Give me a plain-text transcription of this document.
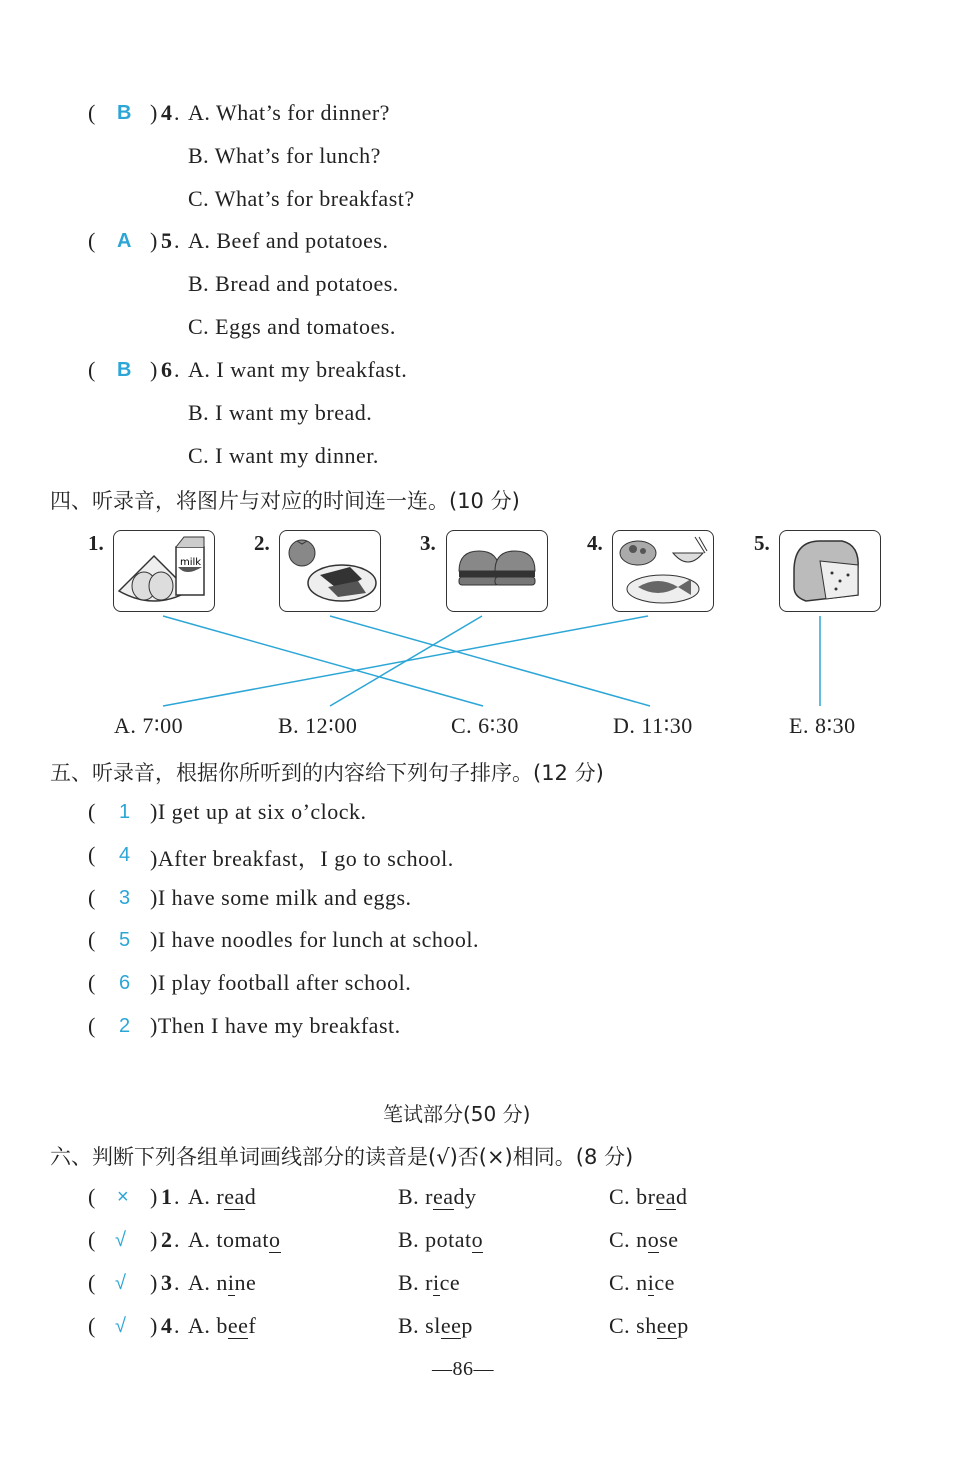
( B ) 4 . A. What’s for dinner?
B. What’s for lunch?
C. What’s for breakfast?
( A ) 5 . A. Beef and potatoes.
B. Bread and potatoes.
C. Eggs and tomatoes.
( B ) 6 . A. I want my breakfast.
B. I want my bread.
C. I want my dinner.
四、听录音，将图片与对应的时间连一连。(10 分)
1.
milk
2.	3.	4.	5.
A. 7∶00	B. 12∶00	C. 6∶30	D. 11∶30	E. 8∶30
五、听录音，根据你所听到的内容给下列句子排序。(12 分)
( 1 )I get up at six o’clock.
( 4 )After breakfast，I go to school.
( 3 )I have some milk and eggs.
( 5 )I have noodles for lunch at school.
( 6 )I play football after school.
( 2 )Then I have my breakfast.
笔试部分(50 分)
六、判断下列各组单词画线部分的读音是(√)否(×)相同。(8 分)
( × ) 1 . A. read	B. ready	C. bread
( √ ) 2 . A. tomato	B. potato	C. nose
( √ ) 3 . A. nine	B. rice	C. nice
( √ ) 4 . A. beef	B. sleep	C. sheep
—86—
